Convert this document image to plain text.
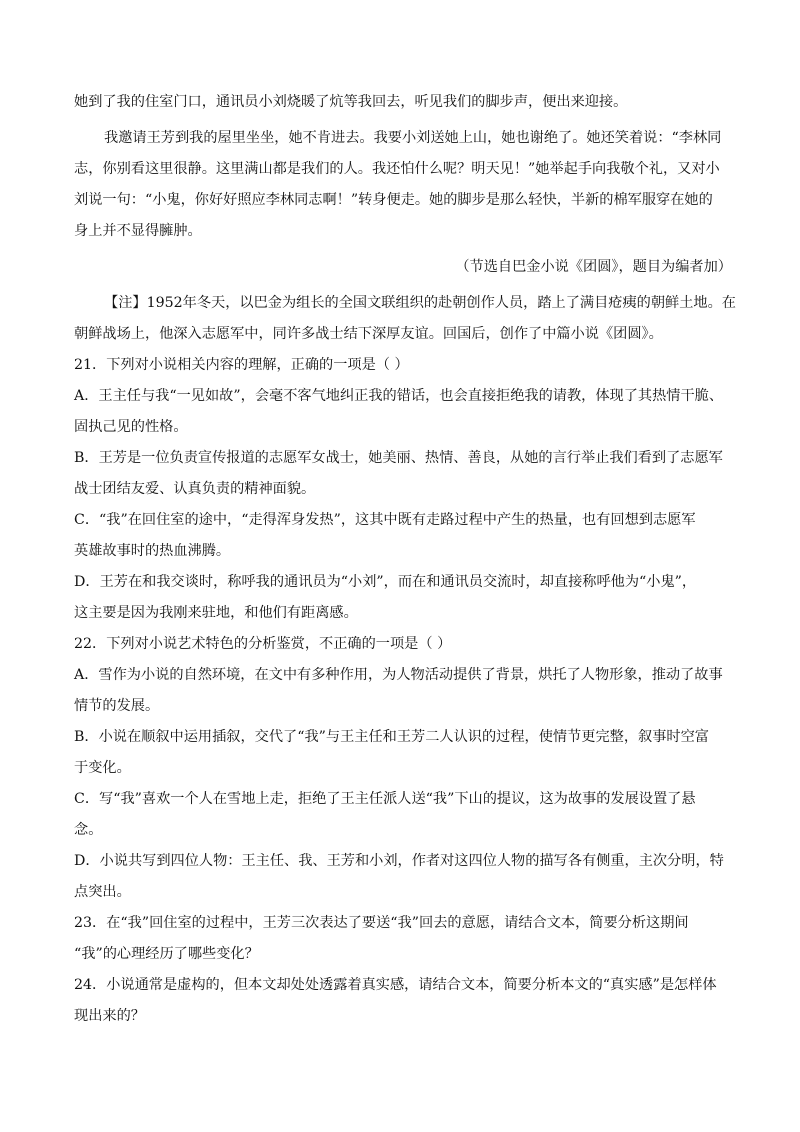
她到了我的住室门口，通讯员小刘烧暖了炕等我回去，听见我们的脚步声，便出来迎接。

我邀请王芳到我的屋里坐坐，她不肯进去。我要小刘送她上山，她也谢绝了。她还笑着说：“李林同

志，你别看这里很静。这里满山都是我们的人。我还怕什么呢？明天见！”她举起手向我敬个礼，又对小

刘说一句：“小鬼，你好好照应李林同志啊！”转身便走。她的脚步是那么轻快，半新的棉军服穿在她的

身上并不显得臃肿。

（节选自巴金小说《团圆》，题目为编者加）

【注】1952年冬天，以巴金为组长的全国文联组织的赴朝创作人员，踏上了满目疮痍的朝鲜土地。在

朝鲜战场上，他深入志愿军中，同许多战士结下深厚友谊。回国后，创作了中篇小说《团圆》。

21．下列对小说相关内容的理解，正确的一项是（ ）

A．王主任与我“一见如故”，会毫不客气地纠正我的错话，也会直接拒绝我的请教，体现了其热情干脆、

固执己见的性格。

B．王芳是一位负责宣传报道的志愿军女战士，她美丽、热情、善良，从她的言行举止我们看到了志愿军

战士团结友爱、认真负责的精神面貌。

C．“我”在回住室的途中，“走得浑身发热”，这其中既有走路过程中产生的热量，也有回想到志愿军

英雄故事时的热血沸腾。

D．王芳在和我交谈时，称呼我的通讯员为“小刘”，而在和通讯员交流时，却直接称呼他为“小鬼”，

这主要是因为我刚来驻地，和他们有距离感。

22．下列对小说艺术特色的分析鉴赏，不正确的一项是（ ）

A．雪作为小说的自然环境，在文中有多种作用，为人物活动提供了背景，烘托了人物形象，推动了故事

情节的发展。

B．小说在顺叙中运用插叙，交代了“我”与王主任和王芳二人认识的过程，使情节更完整，叙事时空富

于变化。

C．写“我”喜欢一个人在雪地上走，拒绝了王主任派人送“我”下山的提议，这为故事的发展设置了悬

念。

D．小说共写到四位人物：王主任、我、王芳和小刘，作者对这四位人物的描写各有侧重，主次分明，特

点突出。

23．在“我”回住室的过程中，王芳三次表达了要送“我”回去的意愿，请结合文本，简要分析这期间

“我”的心理经历了哪些变化？

24．小说通常是虚构的，但本文却处处透露着真实感，请结合文本，简要分析本文的“真实感”是怎样体

现出来的？
